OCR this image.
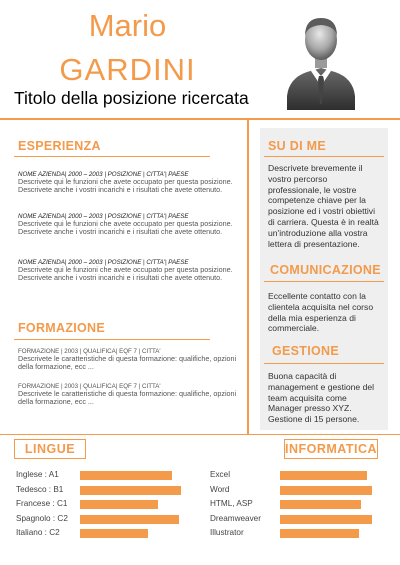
Mario
GARDINI
Titolo della posizione ricercata
ESPERIENZA
NOME AZIENDA| 2000 – 2003 | POSIZIONE | CITTA'| PAESE
Descrivete qui le funzioni che avete occupato per questa posizione. Descrivete anche i vostri incarichi e i risultati che avete ottenuto.
NOME AZIENDA| 2000 – 2003 | POSIZIONE | CITTA'| PAESE
Descrivete qui le funzioni che avete occupato per questa posizione. Descrivete anche i vostri incarichi e i risultati che avete ottenuto.
NOME AZIENDA| 2000 – 2003 | POSIZIONE | CITTA'| PAESE
Descrivete qui le funzioni che avete occupato per questa posizione. Descrivete anche i vostri incarichi e i risultati che avete ottenuto.
FORMAZIONE
FORMAZIONE | 2003 | QUALIFICA| EQF 7 | CITTA'
Descrivete le caratteristiche di questa formazione: qualifiche, opzioni della formazione, ecc ...
FORMAZIONE | 2003 | QUALIFICA| EQF 7 | CITTA'
Descrivete le caratteristiche di questa formazione: qualifiche, opzioni della formazione, ecc ...
SU DI ME
Descrivete brevemente il vostro percorso professionale, le vostre competenze chiave per la posizione ed i vostri obiettivi di carriera. Questa è in realtà un'introduzione alla vostra lettera di presentazione.
COMUNICAZIONE
Eccellente contatto con la clientela acquisita nel corso della mia esperienza di commerciale.
GESTIONE
Buona capacità di management e gestione del team acquisita come Manager presso XYZ. Gestione di 15 persone.
LINGUE	INFORMATICA
Inglese : A1
Tedesco : B1
Francese : C1
Spagnolo : C2
Italiano : C2
Excel
Word
HTML, ASP
Dreamweaver
Illustrator
